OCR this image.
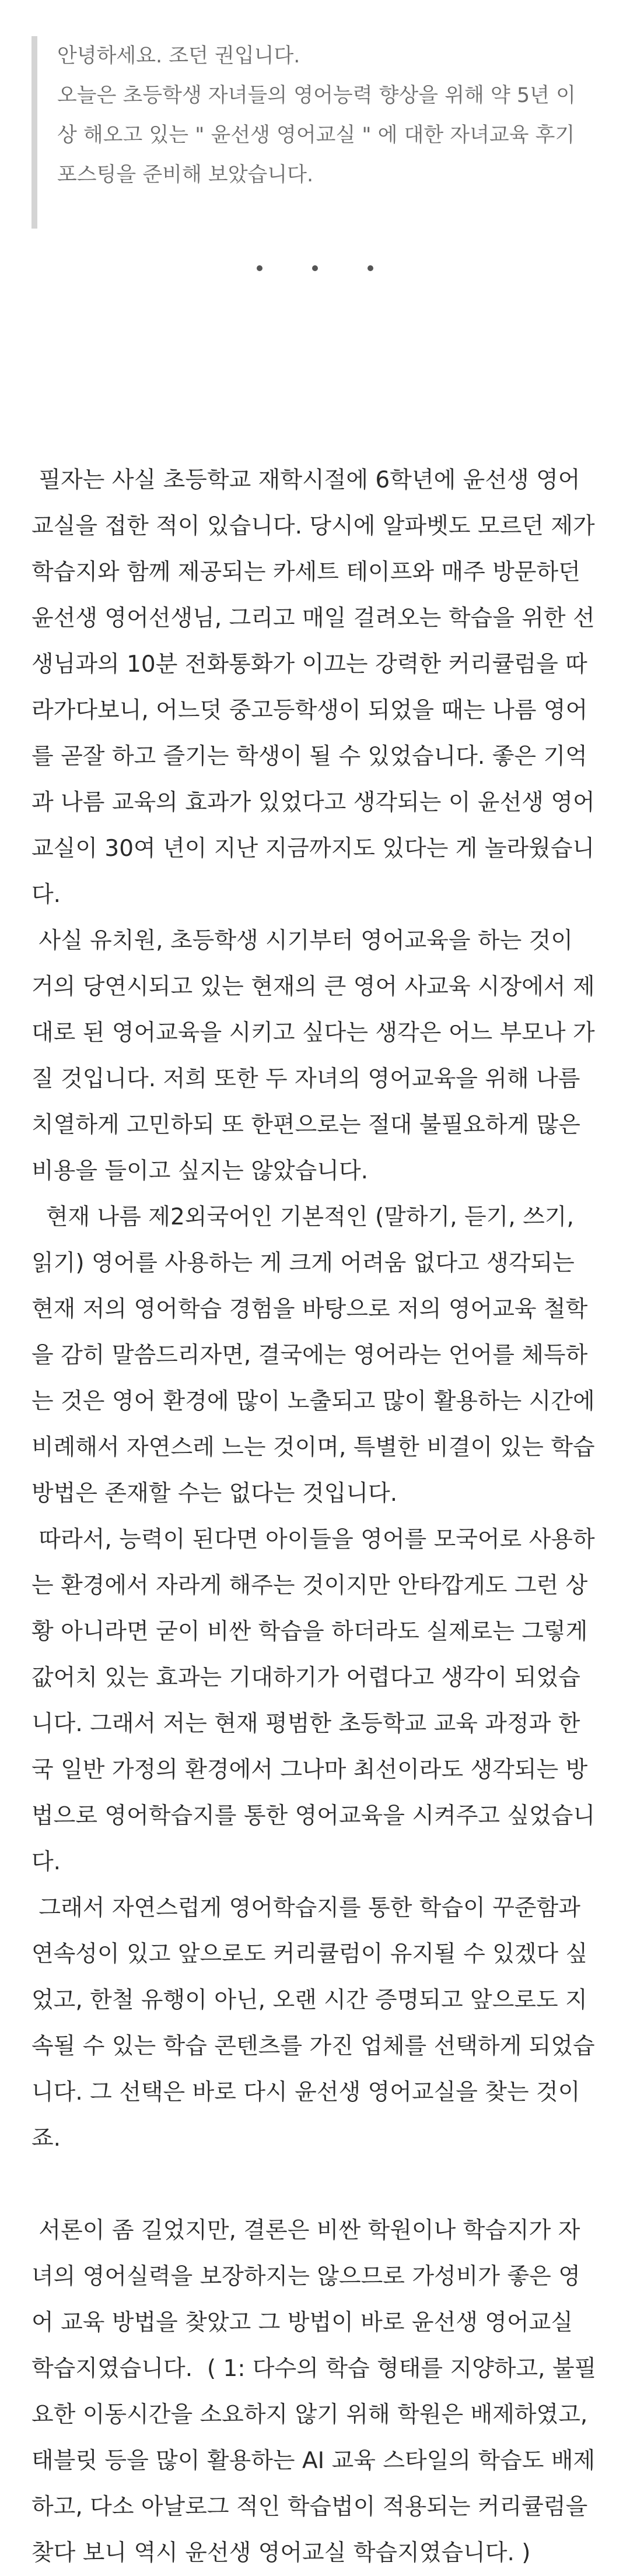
안녕하세요. 조던 권입니다.

오늘은 초등학생 자녀들의 영어능력 향상을 위해 약 5년 이상 해오고 있는 " 윤선생 영어교실 " 에 대한 자녀교육 후기 포스팅을 준비해 보았습니다.

필자는 사실 초등학교 재학시절에 6학년에 윤선생 영어교실을 접한 적이 있습니다. 당시에 알파벳도 모르던 제가 학습지와 함께 제공되는 카세트 테이프와 매주 방문하던 윤선생 영어선생님, 그리고 매일 걸려오는 학습을 위한 선생님과의 10분 전화통화가 이끄는 강력한 커리큘럼을 따라가다보니, 어느덧 중고등학생이 되었을 때는 나름 영어를 곧잘 하고 즐기는 학생이 될 수 있었습니다. 좋은 기억과 나름 교육의 효과가 있었다고 생각되는 이 윤선생 영어교실이 30여 년이 지난 지금까지도 있다는 게 놀라웠습니다.

사실 유치원, 초등학생 시기부터 영어교육을 하는 것이 거의 당연시되고 있는 현재의 큰 영어 사교육 시장에서 제대로 된 영어교육을 시키고 싶다는 생각은 어느 부모나 가질 것입니다. 저희 또한 두 자녀의 영어교육을 위해 나름 치열하게 고민하되 또 한편으로는 절대 불필요하게 많은 비용을 들이고 싶지는 않았습니다.

현재 나름 제2외국어인 기본적인 (말하기, 듣기, 쓰기, 읽기) 영어를 사용하는 게 크게 어려움 없다고 생각되는 현재 저의 영어학습 경험을 바탕으로 저의 영어교육 철학을 감히 말씀드리자면, 결국에는 영어라는 언어를 체득하는 것은 영어 환경에 많이 노출되고 많이 활용하는 시간에 비례해서 자연스레 느는 것이며, 특별한 비결이 있는 학습방법은 존재할 수는 없다는 것입니다.

따라서, 능력이 된다면 아이들을 영어를 모국어로 사용하는 환경에서 자라게 해주는 것이지만 안타깝게도 그런 상황 아니라면 굳이 비싼 학습을 하더라도 실제로는 그렇게 값어치 있는 효과는 기대하기가 어렵다고 생각이 되었습니다. 그래서 저는 현재 평범한 초등학교 교육 과정과 한국 일반 가정의 환경에서 그나마 최선이라도 생각되는 방법으로 영어학습지를 통한 영어교육을 시켜주고 싶었습니다.

그래서 자연스럽게 영어학습지를 통한 학습이 꾸준함과 연속성이 있고 앞으로도 커리큘럼이 유지될 수 있겠다 싶었고, 한철 유행이 아닌, 오랜 시간 증명되고 앞으로도 지속될 수 있는 학습 콘텐츠를 가진 업체를 선택하게 되었습니다. 그 선택은 바로 다시 윤선생 영어교실을 찾는 것이죠.

서론이 좀 길었지만, 결론은 비싼 학원이나 학습지가 자녀의 영어실력을 보장하지는 않으므로 가성비가 좋은 영어 교육 방법을 찾았고 그 방법이 바로 윤선생 영어교실 학습지였습니다.  ( 1: 다수의 학습 형태를 지양하고, 불필요한 이동시간을 소요하지 않기 위해 학원은 배제하였고, 태블릿 등을 많이 활용하는 AI 교육 스타일의 학습도 배제하고, 다소 아날로그 적인 학습법이 적용되는 커리큘럼을 찾다 보니 역시 윤선생 영어교실 학습지였습니다. )
